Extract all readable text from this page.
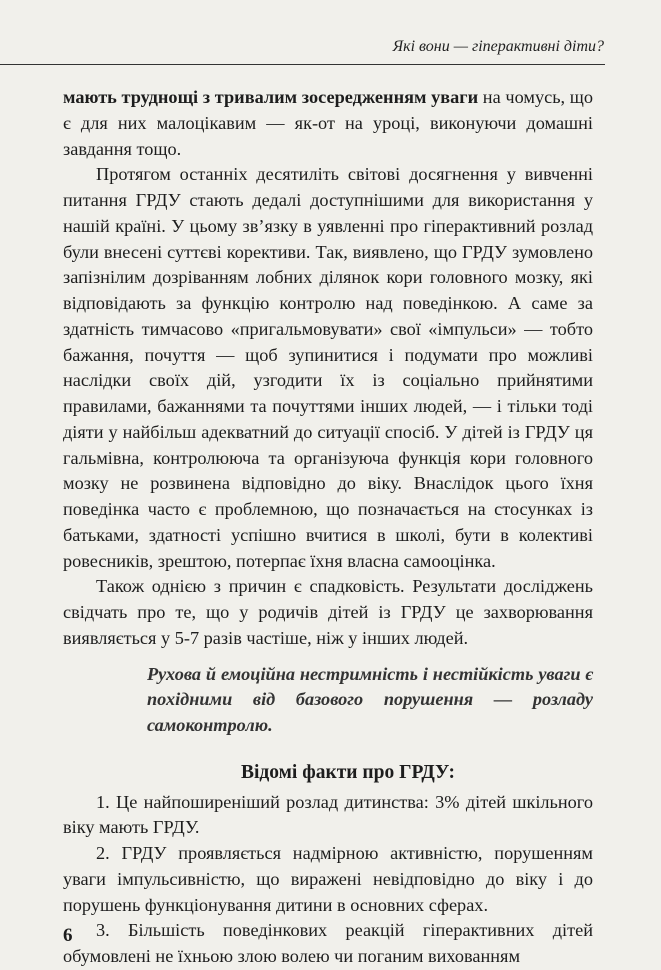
Які вони — гіперактивні діти?

мають труднощі з тривалим зосередженням уваги на чомусь, що є для них малоцікавим — як-от на уроці, виконуючи домашні завдання тощо.

Протягом останніх десятиліть світові досягнення у вивченні питання ГРДУ стають дедалі доступнішими для використання у нашій країні. У цьому зв’язку в уявленні про гіперактивний розлад були внесені суттєві корективи. Так, виявлено, що ГРДУ зумовлено запізнілим дозріванням лобних ділянок кори головного мозку, які відповідають за функцію контролю над поведінкою. А саме за здатність тимчасово «пригальмовувати» свої «імпульси» — тобто бажання, почуття — щоб зупинитися і подумати про можливі наслідки своїх дій, узгодити їх із соціально прийнятими правилами, бажаннями та почуттями інших людей, — і тільки тоді діяти у найбільш адекватний до ситуації спосіб. У дітей із ГРДУ ця гальмівна, контролююча та організуюча функція кори головного мозку не розвинена відповідно до віку. Внаслідок цього їхня поведінка часто є проблемною, що позначається на стосунках із батьками, здатності успішно вчитися в школі, бути в колективі ровесників, зрештою, потерпає їхня власна самооцінка.

Також однією з причин є спадковість. Результати досліджень свідчать про те, що у родичів дітей із ГРДУ це захворювання виявляється у 5-7 разів частіше, ніж у інших людей.

Рухова й емоційна нестримність і нестійкість уваги є похідними від базового порушення — розладу самоконтролю.

Відомі факти про ГРДУ:

1. Це найпоширеніший розлад дитинства: 3% дітей шкільного віку мають ГРДУ.

2. ГРДУ проявляється надмірною активністю, порушенням уваги імпульсивністю, що виражені невідповідно до віку і до порушень функціонування дитини в основних сферах.

3. Більшість поведінкових реакцій гіперактивних дітей обумовлені не їхньою злою волею чи поганим вихованням

6
